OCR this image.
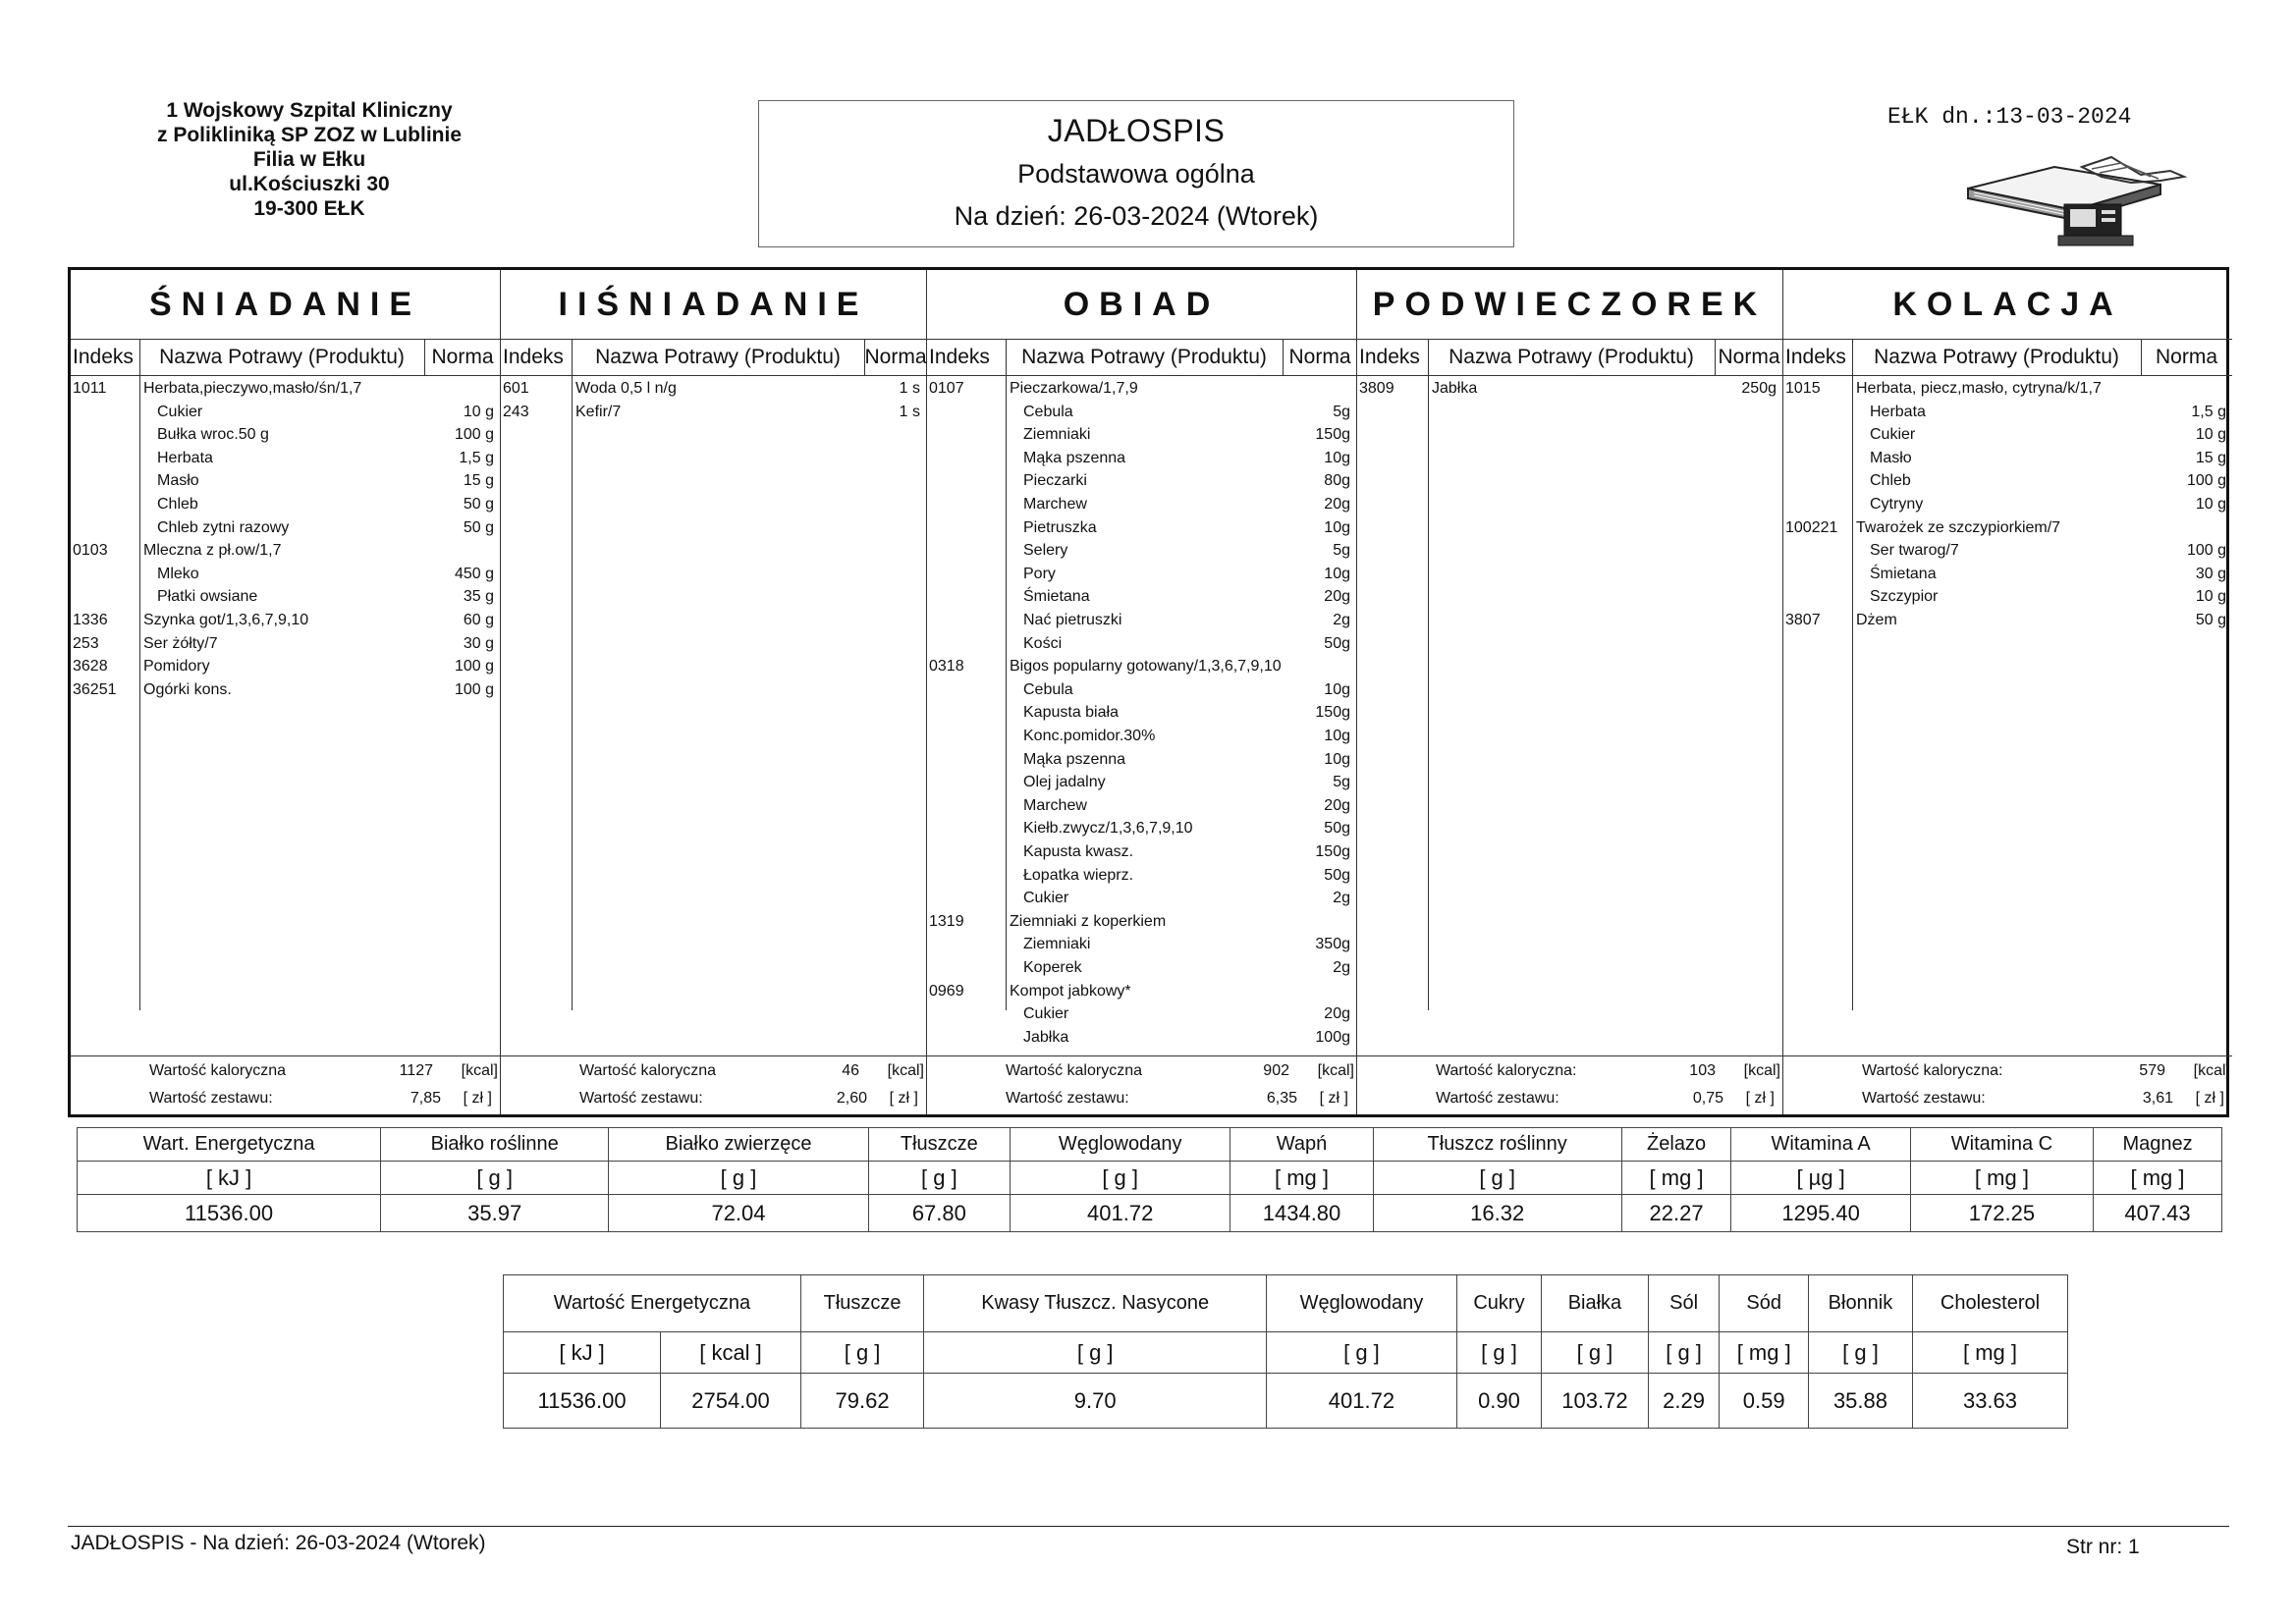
1 Wojskowy Szpital Kliniczny
z Polikliniką SP ZOZ w Lublinie
Filia w Ełku
ul.Kościuszki 30
19-300 EŁK
JADŁOSPIS
Podstawowa ogólna
Na dzień: 26-03-2024 (Wtorek)
EŁK dn.:13-03-2024
ŚNIADANIE
Indeks	Nazwa Potrawy (Produktu)	Norma
1011 Herbata,pieczywo,masło/śn/1,7
Cukier	10 g
Bułka wroc.50 g	100 g
Herbata	1,5 g
Masło	15 g
Chleb	50 g
Chleb zytni razowy	50 g
0103 Mleczna z pł.ow/1,7
Mleko	450 g
Płatki owsiane	35 g
1336 Szynka got/1,3,6,7,9,10	60 g
253	Ser żółty/7	30 g
3628 Pomidory	100 g
36251 Ogórki kons.	100 g
Wartość kaloryczna	1127 [kcal]
Wartość zestawu:	7,85 [ zł ]
IIŚNIADANIE
Indeks	Nazwa Potrawy (Produktu)	Norma
601	Woda 0,5 l n/g	1 s
243	Kefir/7	1 s
Wartość kaloryczna	46 [kcal]
Wartość zestawu:	2,60 [ zł ]
OBIAD
Indeks	Nazwa Potrawy (Produktu)	Norma
0107	Pieczarkowa/1,7,9
Cebula	5g
Ziemniaki	150g
Mąka pszenna	10g
Pieczarki	80g
Marchew	20g
Pietruszka	10g
Selery	5g
Pory	10g
Śmietana	20g
Nać pietruszki	2g
Kości	50g
0318	Bigos popularny gotowany/1,3,6,7,9,10
Cebula	10g
Kapusta biała	150g
Konc.pomidor.30%	10g
Mąka pszenna	10g
Olej jadalny	5g
Marchew	20g
Kiełb.zwycz/1,3,6,7,9,10	50g
Kapusta kwasz.	150g
Łopatka wieprz.	50g
Cukier	2g
1319	Ziemniaki z koperkiem
Ziemniaki	350g
Koperek	2g
0969	Kompot jabkowy*
Cukier	20g
Jabłka	100g
Wartość kaloryczna	902 [kcal]
Wartość zestawu:	6,35 [ zł ]
PODWIECZOREK
Indeks	Nazwa Potrawy (Produktu)	Norma
3809 Jabłka	250g
Wartość kaloryczna:	103 [kcal]
Wartość zestawu:	0,75 [ zł ]
KOLACJA
Indeks	Nazwa Potrawy (Produktu)	Norma
1015 Herbata, piecz,masło, cytryna/k/1,7
Herbata	1,5 g
Cukier	10 g
Masło	15 g
Chleb	100 g
Cytryny	10 g
100221 Twarożek ze szczypiorkiem/7
Ser twarog/7	100 g
Śmietana	30 g
Szczypior	10 g
3807 Dżem	50 g
Wartość kaloryczna:	579 [kcal]
Wartość zestawu:	3,61 [ zł ]
Wart. Energetyczna	Białko roślinne	Białko zwierzęce	Tłuszcze	Węglowodany	Wapń	Tłuszcz roślinny	Żelazo	Witamina A	Witamina C	Magnez
[ kJ ]	[ g ]	[ g ]	[ g ]	[ g ]	[ mg ]	[ g ]	[ mg ]	[ µg ]	[ mg ]	[ mg ]
11536.00	35.97	72.04	67.80	401.72	1434.80	16.32	22.27	1295.40	172.25	407.43
Wartość Energetyczna		Tłuszcze	Kwasy Tłuszcz. Nasycone	Węglowodany	Cukry	Białka	Sól	Sód	Błonnik	Cholesterol
[ kJ ]	[ kcal ]	[ g ]	[ g ]	[ g ]	[ g ]	[ g ]	[ g ]	[ mg ]	[ g ]	[ mg ]
11536.00	2754.00	79.62	9.70	401.72	0.90	103.72	2.29	0.59	35.88	33.63
JADŁOSPIS - Na dzień: 26-03-2024 (Wtorek)	Str nr: 1
